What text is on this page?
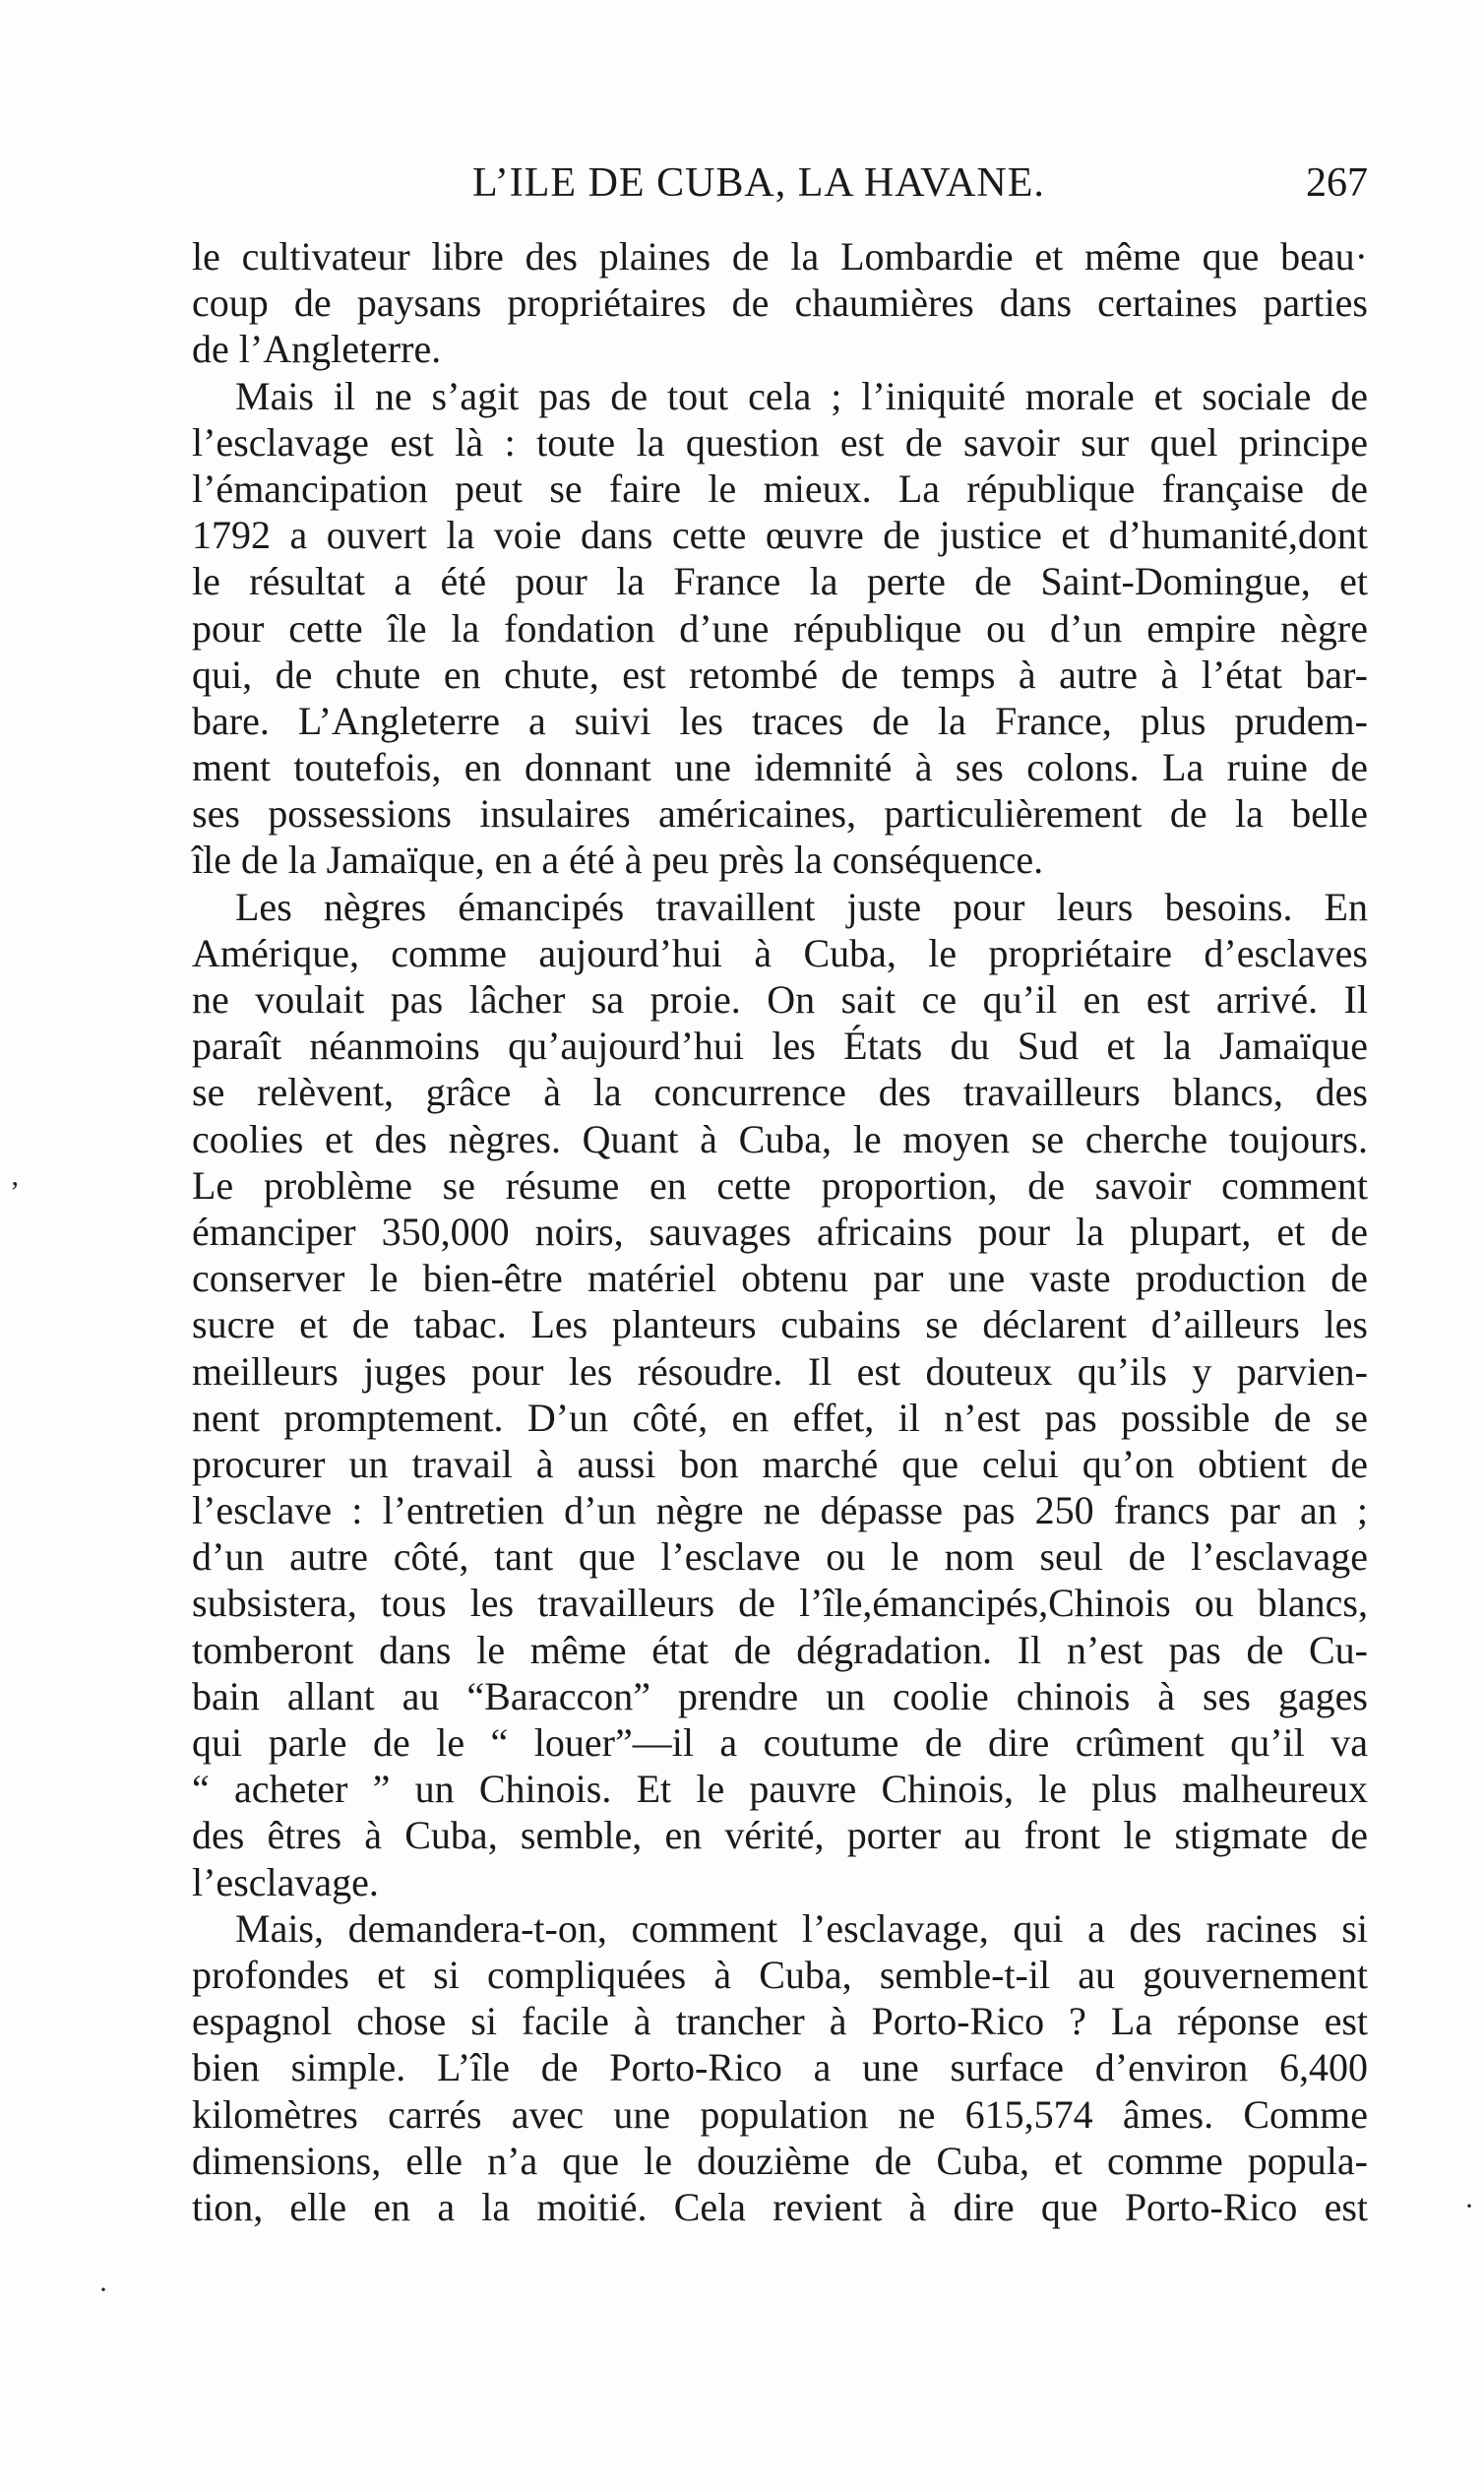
L’ILE DE CUBA, LA HAVANE.	267
le cultivateur libre des plaines de la Lombardie et même que beau·
coup de paysans propriétaires de chaumières dans certaines parties
de l’Angleterre.
Mais il ne s’agit pas de tout cela ; l’iniquité morale et sociale de
l’esclavage est là : toute la question est de savoir sur quel principe
l’émancipation peut se faire le mieux. La république française de
1792 a ouvert la voie dans cette œuvre de justice et d’humanité,dont
le résultat a été pour la France la perte de Saint-Domingue, et
pour cette île la fondation d’une république ou d’un empire nègre
qui, de chute en chute, est retombé de temps à autre à l’état bar-
bare. L’Angleterre a suivi les traces de la France, plus prudem-
ment toutefois, en donnant une idemnité à ses colons. La ruine de
ses possessions insulaires américaines, particulièrement de la belle
île de la Jamaïque, en a été à peu près la conséquence.
Les nègres émancipés travaillent juste pour leurs besoins. En
Amérique, comme aujourd’hui à Cuba, le propriétaire d’esclaves
ne voulait pas lâcher sa proie. On sait ce qu’il en est arrivé. Il
paraît néanmoins qu’aujourd’hui les États du Sud et la Jamaïque
se relèvent, grâce à la concurrence des travailleurs blancs, des
coolies et des nègres. Quant à Cuba, le moyen se cherche toujours.
Le problème se résume en cette proportion, de savoir comment
émanciper 350,000 noirs, sauvages africains pour la plupart, et de
conserver le bien-être matériel obtenu par une vaste production de
sucre et de tabac. Les planteurs cubains se déclarent d’ailleurs les
meilleurs juges pour les résoudre. Il est douteux qu’ils y parvien-
nent promptement. D’un côté, en effet, il n’est pas possible de se
procurer un travail à aussi bon marché que celui qu’on obtient de
l’esclave : l’entretien d’un nègre ne dépasse pas 250 francs par an ;
d’un autre côté, tant que l’esclave ou le nom seul de l’esclavage
subsistera, tous les travailleurs de l’île,émancipés,Chinois ou blancs,
tomberont dans le même état de dégradation. Il n’est pas de Cu-
bain allant au “Baraccon” prendre un coolie chinois à ses gages
qui parle de le “ louer”—il a coutume de dire crûment qu’il va
“ acheter ” un Chinois. Et le pauvre Chinois, le plus malheureux
des êtres à Cuba, semble, en vérité, porter au front le stigmate de
l’esclavage.
Mais, demandera-t-on, comment l’esclavage, qui a des racines si
profondes et si compliquées à Cuba, semble-t-il au gouvernement
espagnol chose si facile à trancher à Porto-Rico ? La réponse est
bien simple. L’île de Porto-Rico a une surface d’environ 6,400
kilomètres carrés avec une population ne 615,574 âmes. Comme
dimensions, elle n’a que le douzième de Cuba, et comme popula-
tion, elle en a la moitié. Cela revient à dire que Porto-Rico est
ʼ
·
·
